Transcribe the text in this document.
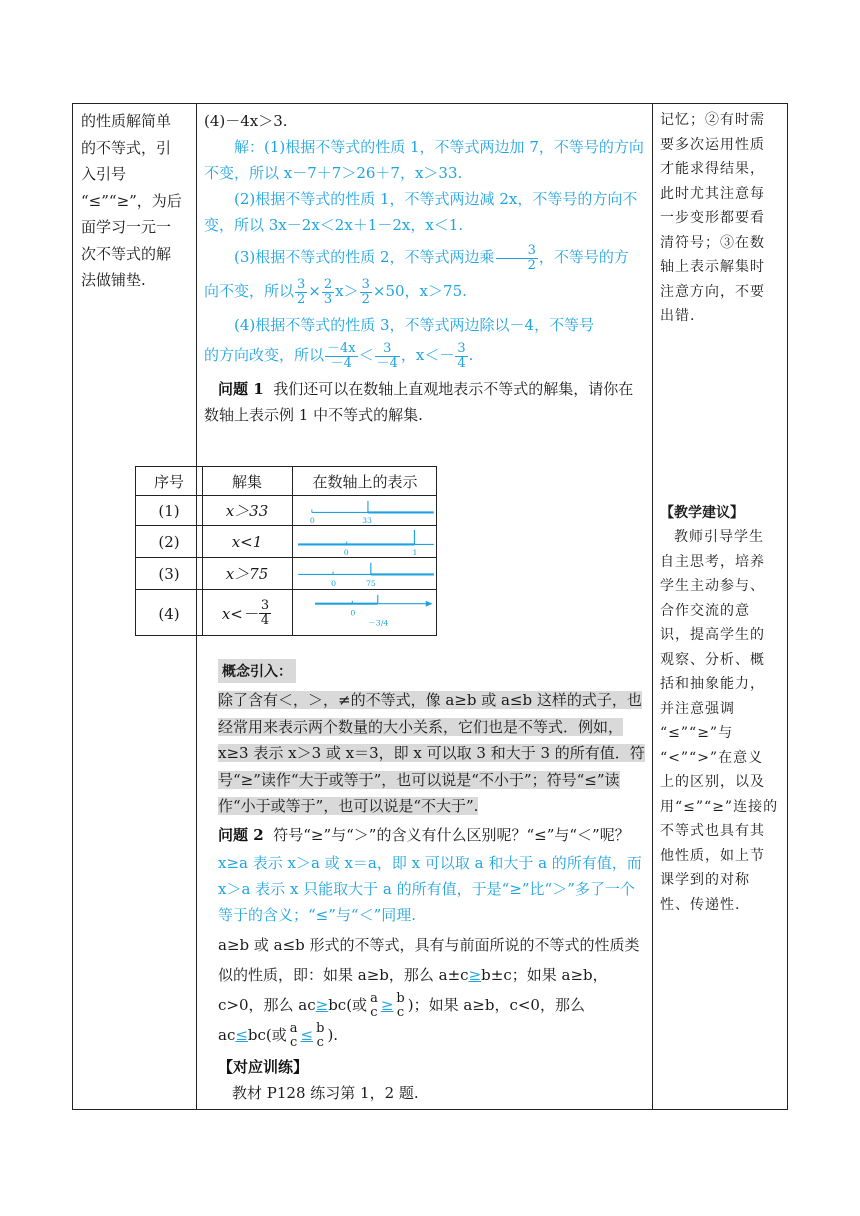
的性质解简单
的不等式，引
入引号
“≤”“≥”，为后
面学习一元一
次不等式的解
法做铺垫.

(4)－4x＞3.

解：(1)根据不等式的性质 1，不等式两边加 7，不等号的方向不变，所以 x－7＋7＞26＋7，x＞33.

(2)根据不等式的性质 1，不等式两边减 2x，不等号的方向不变，所以 3x－2x＜2x＋1－2x，x＜1.

(3)根据不等式的性质 2，不等式两边乘 $\frac{3}{2}$ ，不等号的方

向不变，所以 $\frac{3}{2} \times \frac{2}{3} x> \frac{3}{2} \times 50$，x＞75.

(4)根据不等式的性质 3，不等式两边除以－4，不等号

的方向改变，所以 $\frac{-4x}{-4} < \frac{3}{-4}$ ，$x<- \frac{3}{4}$ .

问题 1 我们还可以在数轴上直观地表示不等式的解集，请你在数轴上表示例 1 中不等式的解集.

序号	解集	在数轴上的表示
(1)	x＞33
0	33
(2)	x<1
0	1
(3)	x＞75
0	75
(4)	$x<- \frac{3}{4}$	0
－3/4
概念引入：

除了含有＜，＞，≠的不等式，像 a≥b 或 a≤b 这样的式子，也经常用来表示两个数量的大小关系，它们也是不等式．例如，x≥3 表示 x＞3 或 x＝3，即 x 可以取 3 和大于 3 的所有值．符号“≥”读作“大于或等于”，也可以说是“不小于”；符号“≤”读作“小于或等于”，也可以说是“不大于”.

问题 2 符号“≥”与“＞”的含义有什么区别呢？“≤”与“＜”呢？

x≥a 表示 x＞a 或 x＝a，即 x 可以取 a 和大于 a 的所有值，而 x＞a 表示 x 只能取大于 a 的所有值，于是“≥”比“＞”多了一个等于的含义；“≤”与“＜”同理.

a≥b 或 a≤b 形式的不等式，具有与前面所说的不等式的性质类似的性质，即：如果 a≥b，那么 a±c≥b±c；如果 a≥b，c>0，那么 ac≥bc(或 a
c ≥ b
c )；如果 a≥b，c<0，那么 ac≤bc(或 a
c ≤ b
c ).

【对应训练】

教材 P128 练习第 1，2 题.

记忆；②有时需
要多次运用性质
才能求得结果，
此时尤其注意每
一步变形都要看
清符号；③在数
轴上表示解集时
注意方向，不要
出错.
【教学建议】
教师引导学生
自主思考，培养
学生主动参与、
合作交流的意
识，提高学生的
观察、分析、概
括和抽象能力，
并注意强调
“≤”“≥”与
“<”“>”在意义
上的区别，以及
用“≤”“≥”连接的
不等式也具有其
他性质，如上节
课学到的对称
性、传递性.
